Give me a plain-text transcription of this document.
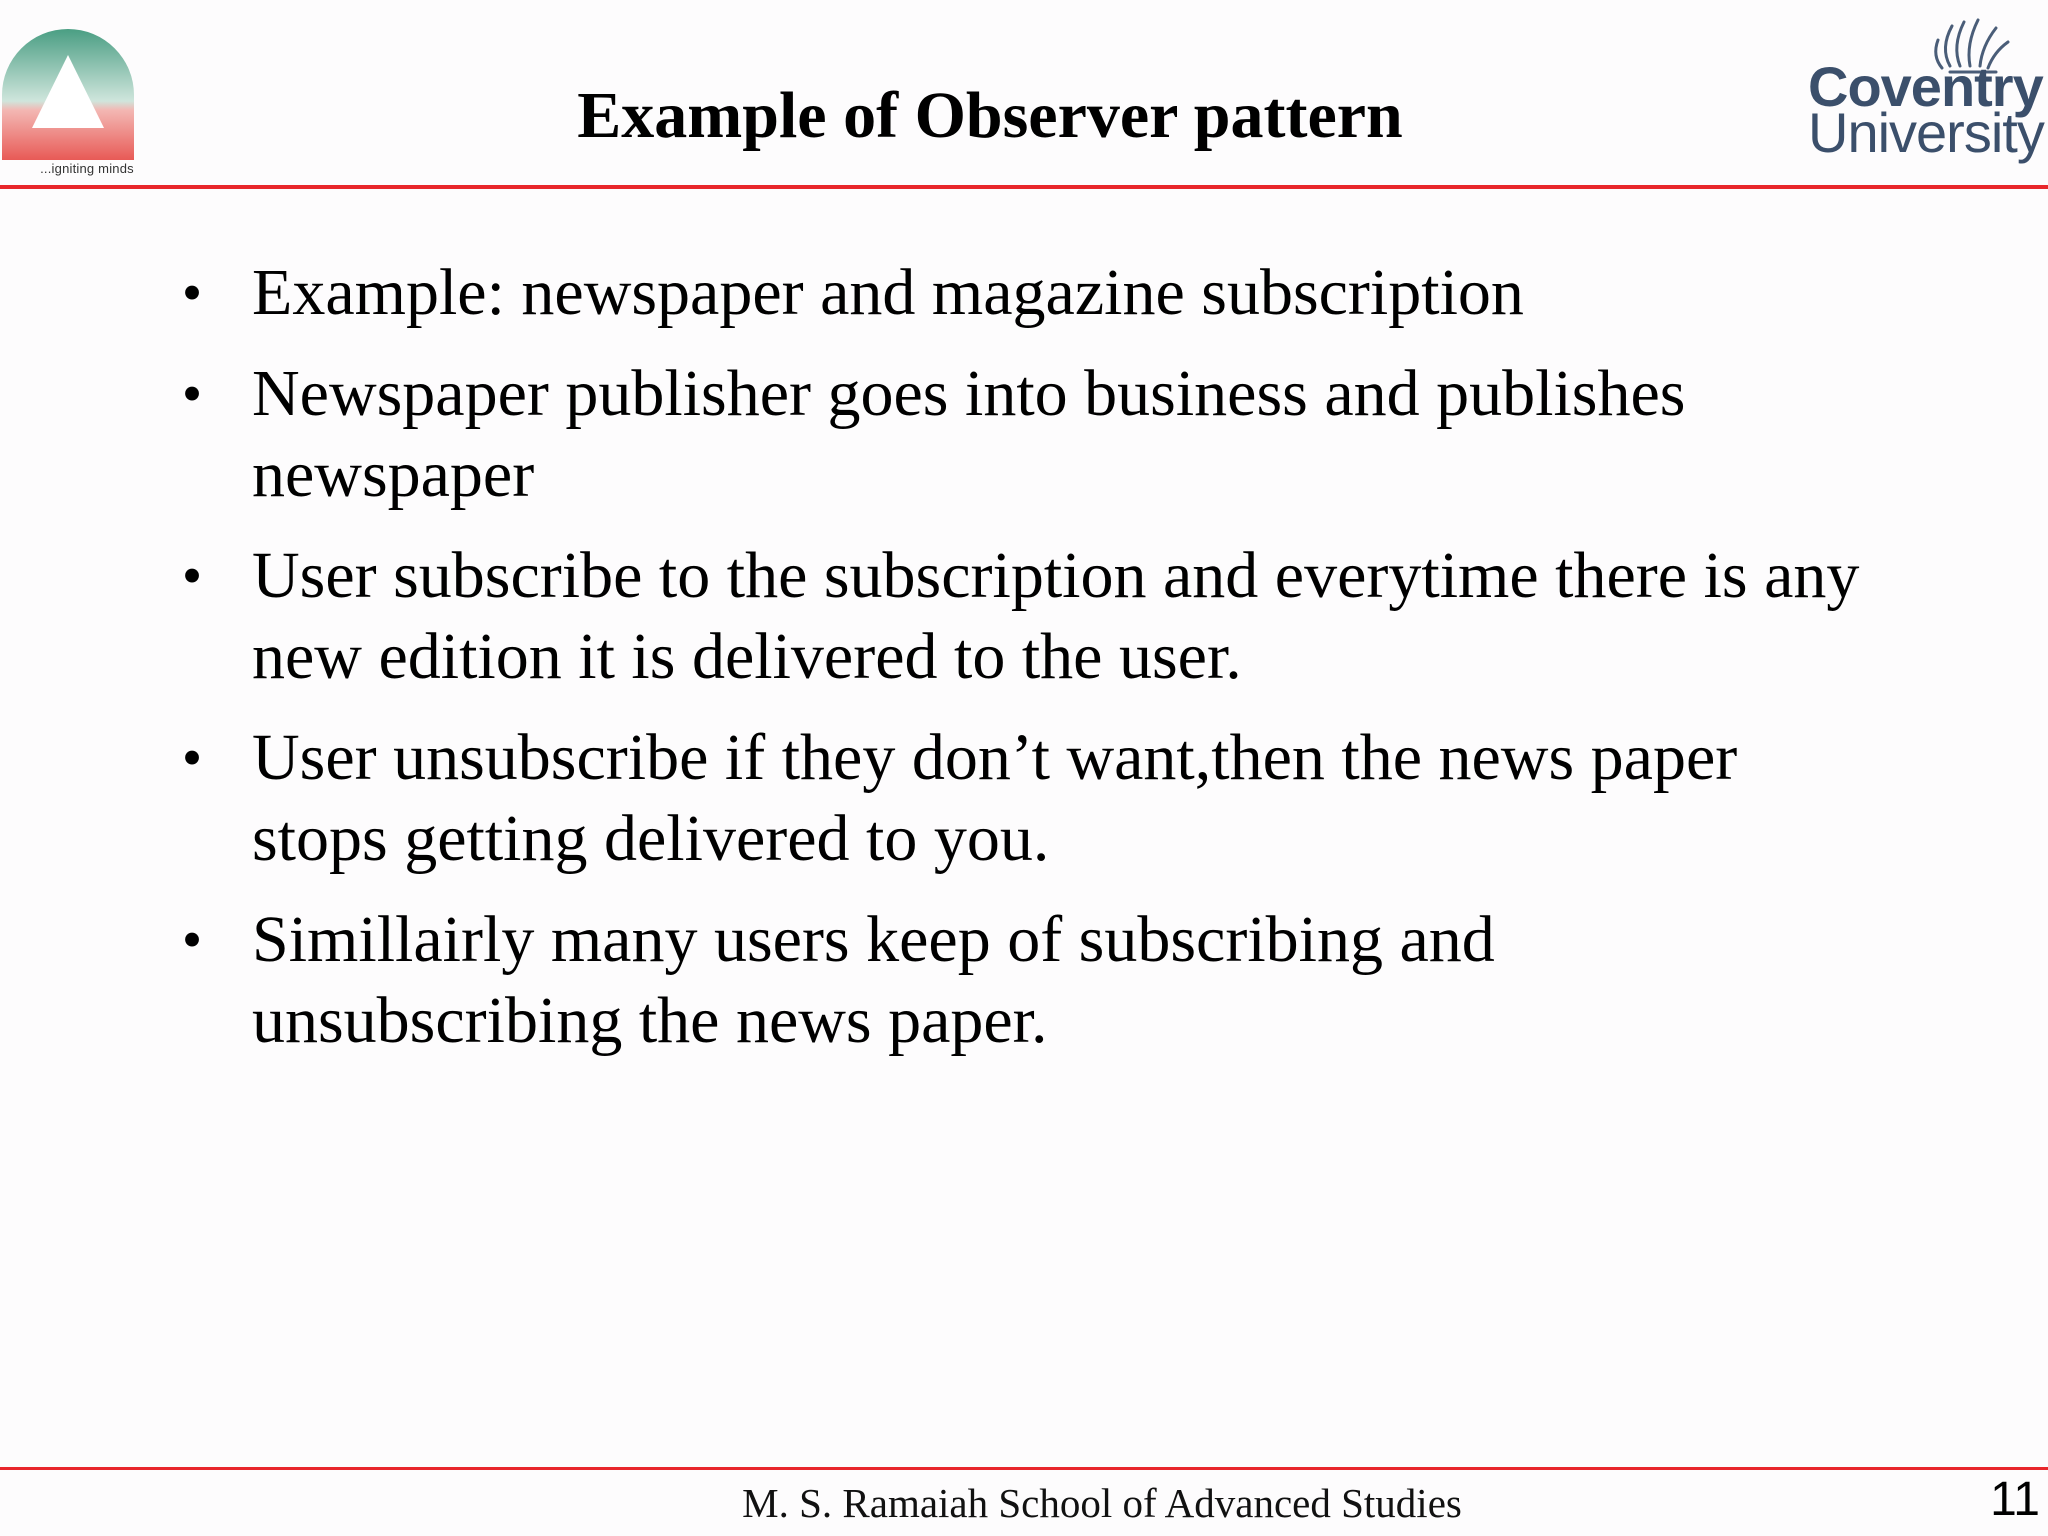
...igniting minds
Example of Observer pattern	Coventry
University
• Example: newspaper and magazine subscription
• Newspaper publisher goes into business and publishes newspaper
• User subscribe to the subscription and everytime there is any new edition it is delivered to the user.
• User unsubscribe if they don’t want,then the news paper stops getting delivered to you.
• Simillairly many users keep of subscribing and unsubscribing the news paper.
M. S. Ramaiah School of Advanced Studies	11
